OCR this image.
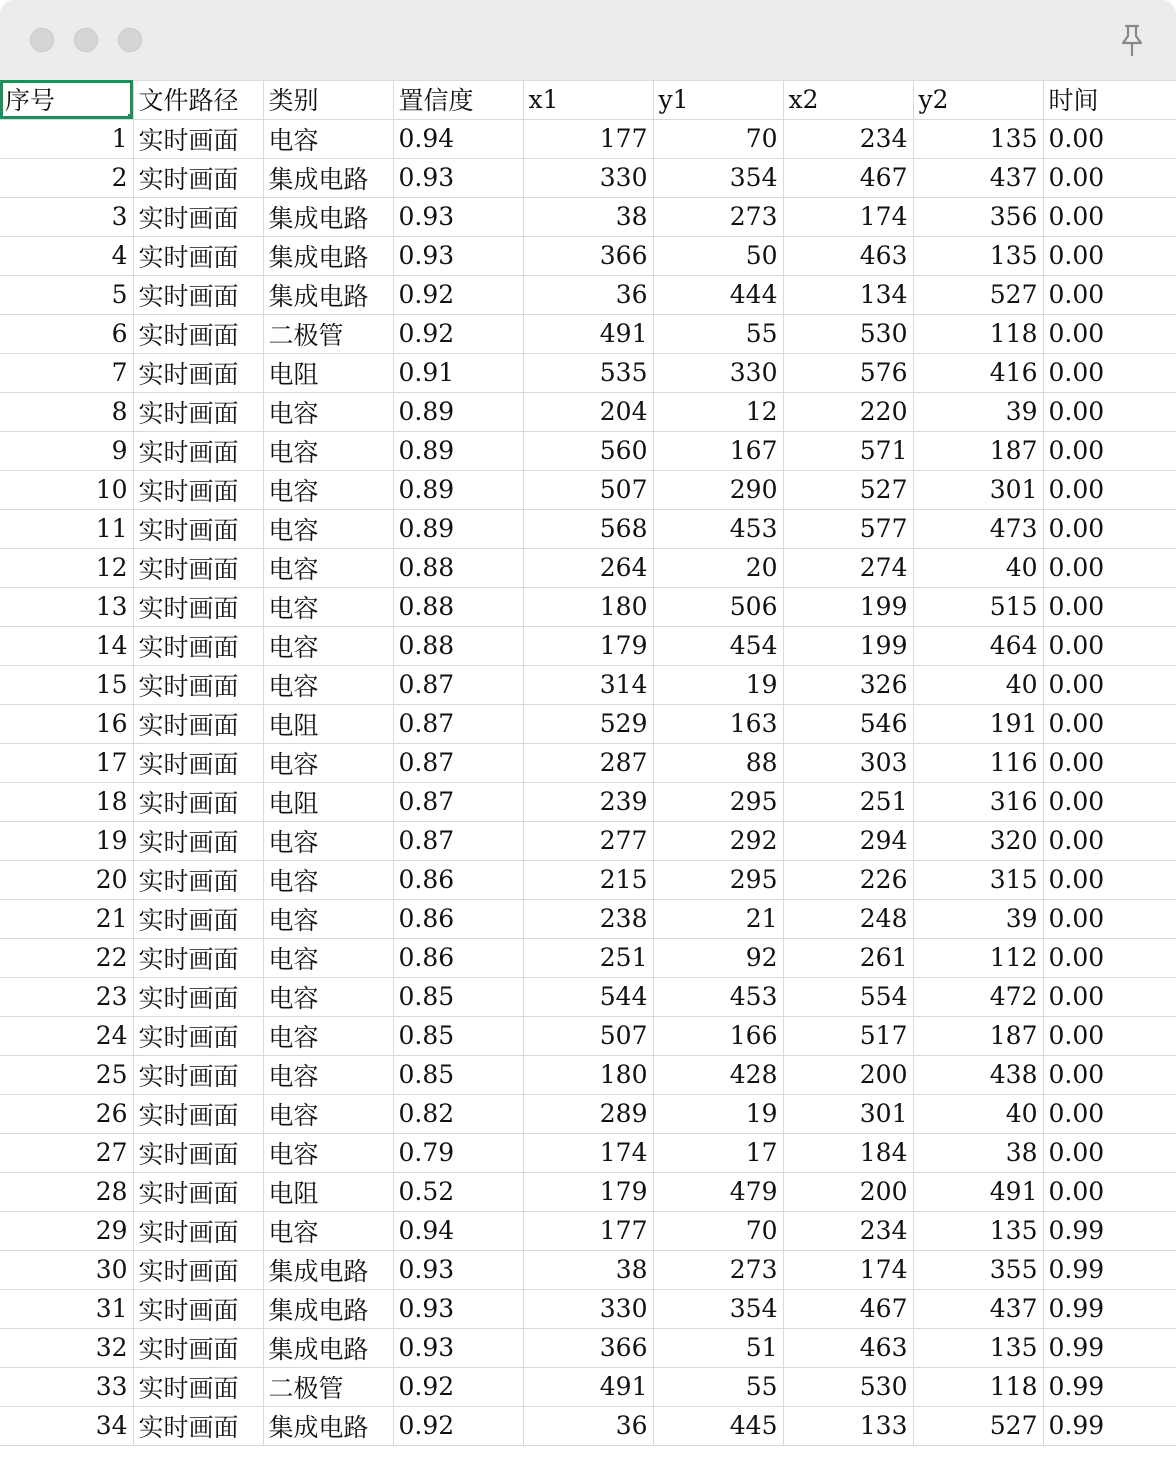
序号	文件路径	类别	置信度	x1	y1	x2	y2	时间
1	实时画面	电容	0.94	177	70	234	135	0.00
2	实时画面	集成电路	0.93	330	354	467	437	0.00
3	实时画面	集成电路	0.93	38	273	174	356	0.00
4	实时画面	集成电路	0.93	366	50	463	135	0.00
5	实时画面	集成电路	0.92	36	444	134	527	0.00
6	实时画面	二极管	0.92	491	55	530	118	0.00
7	实时画面	电阻	0.91	535	330	576	416	0.00
8	实时画面	电容	0.89	204	12	220	39	0.00
9	实时画面	电容	0.89	560	167	571	187	0.00
10	实时画面	电容	0.89	507	290	527	301	0.00
11	实时画面	电容	0.89	568	453	577	473	0.00
12	实时画面	电容	0.88	264	20	274	40	0.00
13	实时画面	电容	0.88	180	506	199	515	0.00
14	实时画面	电容	0.88	179	454	199	464	0.00
15	实时画面	电容	0.87	314	19	326	40	0.00
16	实时画面	电阻	0.87	529	163	546	191	0.00
17	实时画面	电容	0.87	287	88	303	116	0.00
18	实时画面	电阻	0.87	239	295	251	316	0.00
19	实时画面	电容	0.87	277	292	294	320	0.00
20	实时画面	电容	0.86	215	295	226	315	0.00
21	实时画面	电容	0.86	238	21	248	39	0.00
22	实时画面	电容	0.86	251	92	261	112	0.00
23	实时画面	电容	0.85	544	453	554	472	0.00
24	实时画面	电容	0.85	507	166	517	187	0.00
25	实时画面	电容	0.85	180	428	200	438	0.00
26	实时画面	电容	0.82	289	19	301	40	0.00
27	实时画面	电容	0.79	174	17	184	38	0.00
28	实时画面	电阻	0.52	179	479	200	491	0.00
29	实时画面	电容	0.94	177	70	234	135	0.99
30	实时画面	集成电路	0.93	38	273	174	355	0.99
31	实时画面	集成电路	0.93	330	354	467	437	0.99
32	实时画面	集成电路	0.93	366	51	463	135	0.99
33	实时画面	二极管	0.92	491	55	530	118	0.99
34	实时画面	集成电路	0.92	36	445	133	527	0.99
